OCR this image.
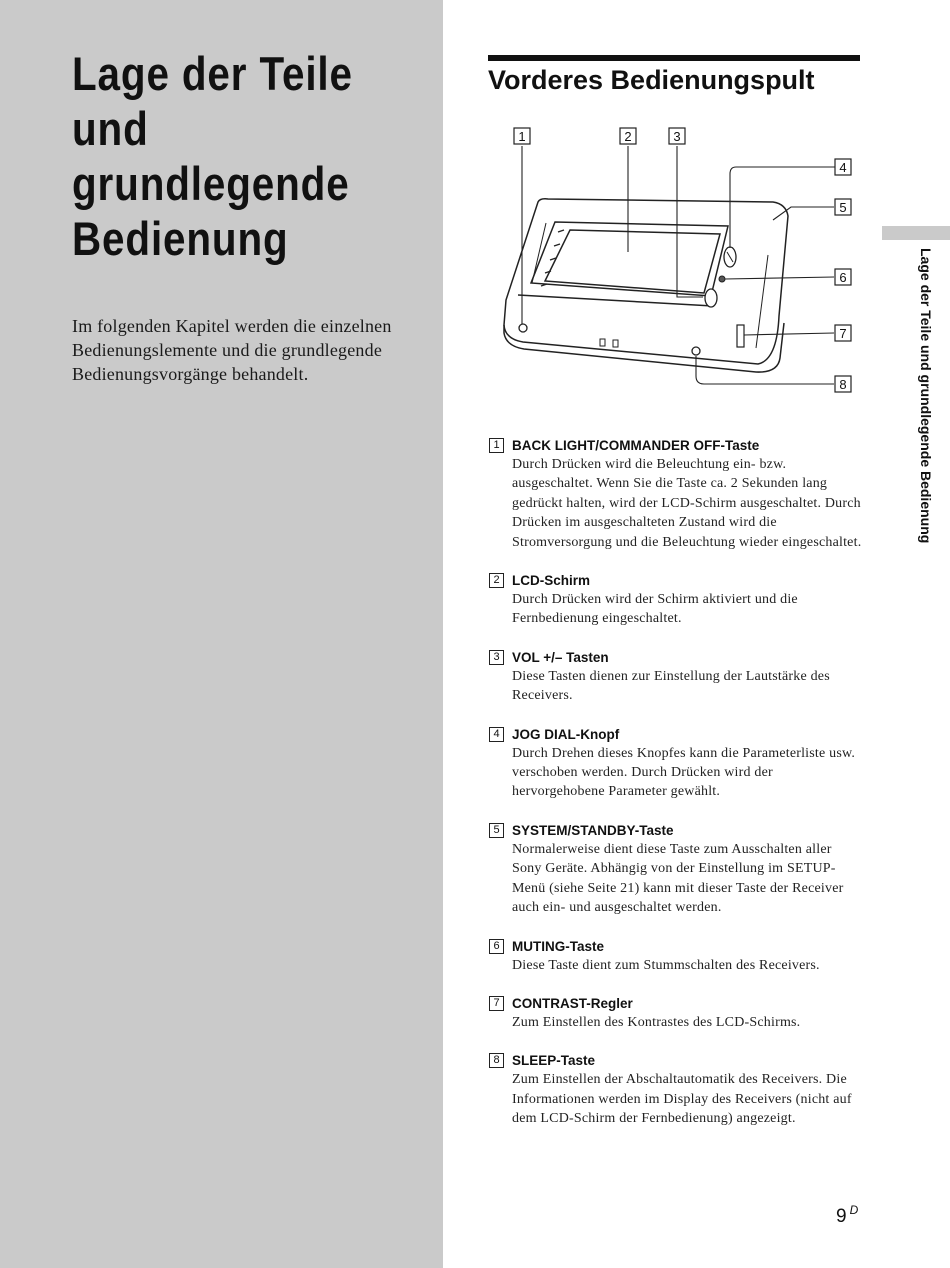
Lage der Teile und grundlegende Bedienung

Im folgenden Kapitel werden die einzelnen Bedienungslemente und die grundlegende Bedienungsvorgänge behandelt.

Vorderes Bedienungspult
1	2	3
4
5
6
7
8
1 BACK LIGHT/COMMANDER OFF-Taste

Durch Drücken wird die Beleuchtung ein- bzw. ausgeschaltet. Wenn Sie die Taste ca. 2 Sekunden lang gedrückt halten, wird der LCD-Schirm ausgeschaltet. Durch Drücken im ausgeschalteten Zustand wird die Stromversorgung und die Beleuchtung wieder eingeschaltet.

2 LCD-Schirm

Durch Drücken wird der Schirm aktiviert und die Fernbedienung eingeschaltet.

3 VOL +/– Tasten

Diese Tasten dienen zur Einstellung der Lautstärke des Receivers.

4 JOG DIAL-Knopf

Durch Drehen dieses Knopfes kann die Parameterliste usw. verschoben werden. Durch Drücken wird der hervorgehobene Parameter gewählt.

5 SYSTEM/STANDBY-Taste

Normalerweise dient diese Taste zum Ausschalten aller Sony Geräte. Abhängig von der Einstellung im SETUP-Menü (siehe Seite 21) kann mit dieser Taste der Receiver auch ein- und ausgeschaltet werden.

6 MUTING-Taste

Diese Taste dient zum Stummschalten des Receivers.

7 CONTRAST-Regler

Zum Einstellen des Kontrastes des LCD-Schirms.

8 SLEEP-Taste

Zum Einstellen der Abschaltautomatik des Receivers. Die Informationen werden im Display des Receivers (nicht auf dem LCD-Schirm der Fernbedienung) angezeigt.

Lage der Teile und grundlegende Bedienung
9 $^D$
